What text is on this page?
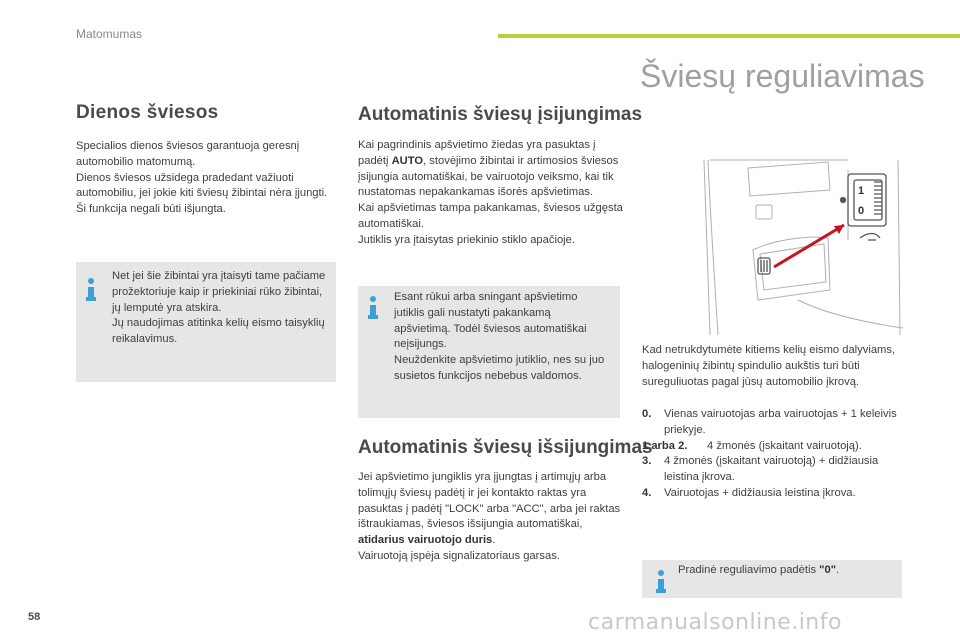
Matomumas
Šviesų reguliavimas
Dienos šviesos
Specialios dienos šviesos garantuoja geresnį automobilio matomumą.
Dienos šviesos užsidega pradedant važiuoti automobiliu, jei jokie kiti šviesų žibintai nėra įjungti.
Ši funkcija negali būti išjungta.
Net jei šie žibintai yra įtaisyti tame pačiame prožektoriuje kaip ir priekiniai rūko žibintai, jų lemputė yra atskira.
Jų naudojimas atitinka kelių eismo taisyklių reikalavimus.
Automatinis šviesų įsijungimas
Kai pagrindinis apšvietimo žiedas yra pasuktas į padėtį AUTO, stovėjimo žibintai ir artimosios šviesos įsijungia automatiškai, be vairuotojo veiksmo, kai tik nustatomas nepakankamas išorės apšvietimas.
Kai apšvietimas tampa pakankamas, šviesos užgęsta automatiškai.
Jutiklis yra įtaisytas priekinio stiklo apačioje.
Esant rūkui arba sningant apšvietimo jutiklis gali nustatyti pakankamą apšvietimą. Todėl šviesos automatiškai neįsijungs.
Neuždenkite apšvietimo jutiklio, nes su juo susietos funkcijos nebebus valdomos.
Automatinis šviesų išsijungimas
Jei apšvietimo jungiklis yra įjungtas į artimųjų arba tolimųjų šviesų padėtį ir jei kontakto raktas yra pasuktas į padėtį "LOCK" arba "ACC", arba jei raktas ištraukiamas, šviesos išsijungia automatiškai, atidarius vairuotojo duris.
Vairuotoją įspėja signalizatoriaus garsas.
1
0
Kad netrukdytumėte kitiems kelių eismo dalyviams, halogeninių žibintų spindulio aukštis turi būti sureguliuotas pagal jūsų automobilio įkrovą.
0. Vienas vairuotojas arba vairuotojas + 1 keleivis priekyje.
1 arba 2. 4 žmonės (įskaitant vairuotoją).
3. 4 žmonės (įskaitant vairuotoją) + didžiausia leistina įkrova.
4. Vairuotojas + didžiausia leistina įkrova.
Pradinė reguliavimo padėtis "0".
58	carmanualsonline.info
